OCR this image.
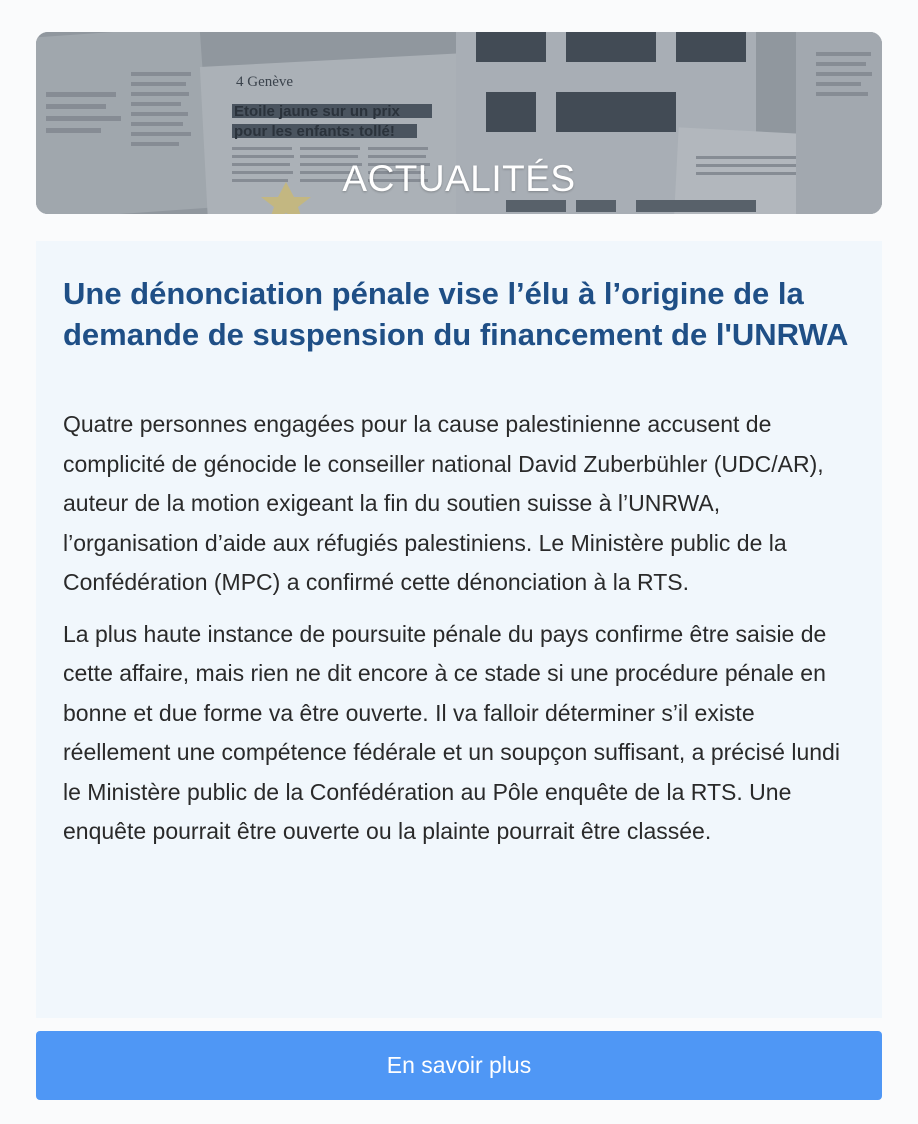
4 Genève
Etoile jaune sur un prix
pour les enfants: tollé!
ACTUALITÉS
Une dénonciation pénale vise l’élu à l’origine de la demande de suspension du financement de l'UNRWA

Quatre personnes engagées pour la cause palestinienne accusent de complicité de génocide le conseiller national David Zuberbühler (UDC/AR), auteur de la motion exigeant la fin du soutien suisse à l’UNRWA, l’organisation d’aide aux réfugiés palestiniens. Le Ministère public de la Confédération (MPC) a confirmé cette dénonciation à la RTS.

La plus haute instance de poursuite pénale du pays confirme être saisie de cette affaire, mais rien ne dit encore à ce stade si une procédure pénale en bonne et due forme va être ouverte. Il va falloir déterminer s’il existe réellement une compétence fédérale et un soupçon suffisant, a précisé lundi le Ministère public de la Confédération au Pôle enquête de la RTS. Une enquête pourrait être ouverte ou la plainte pourrait être classée.

En savoir plus
